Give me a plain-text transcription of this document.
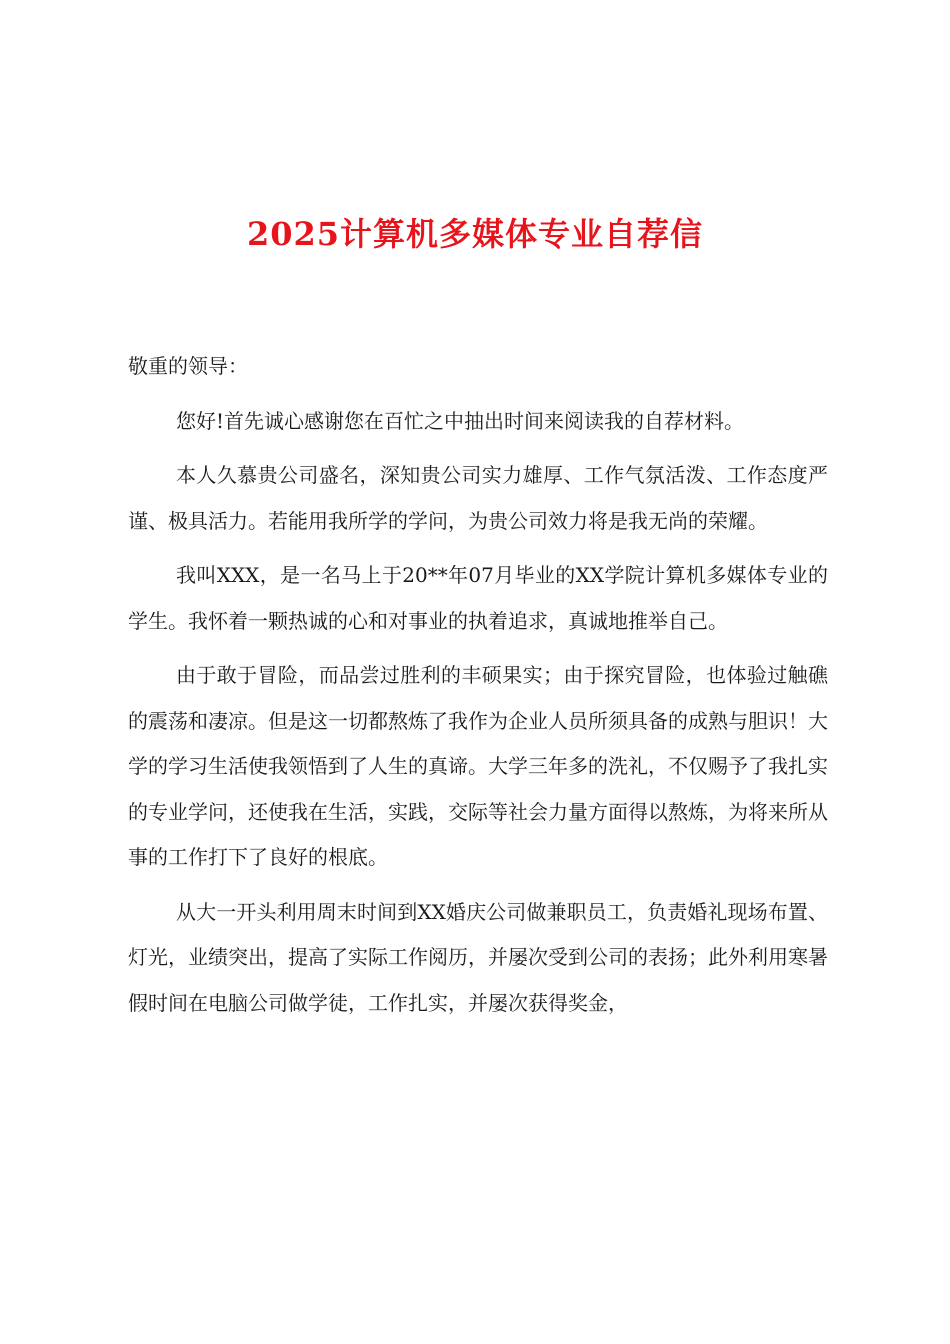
2025计算机多媒体专业自荐信

敬重的领导：

您好!首先诚心感谢您在百忙之中抽出时间来阅读我的自荐材料。

本人久慕贵公司盛名，深知贵公司实力雄厚、工作气氛活泼、工作态度严谨、极具活力。若能用我所学的学问，为贵公司效力将是我无尚的荣耀。

我叫XXX，是一名马上于20**年07月毕业的XX学院计算机多媒体专业的学生。我怀着一颗热诚的心和对事业的执着追求，真诚地推举自己。

由于敢于冒险，而品尝过胜利的丰硕果实；由于探究冒险，也体验过触礁的震荡和凄凉。但是这一切都熬炼了我作为企业人员所须具备的成熟与胆识！大学的学习生活使我领悟到了人生的真谛。大学三年多的洗礼，不仅赐予了我扎实的专业学问，还使我在生活，实践，交际等社会力量方面得以熬炼，为将来所从事的工作打下了良好的根底。

从大一开头利用周末时间到XX婚庆公司做兼职员工，负责婚礼现场布置、灯光，业绩突出，提高了实际工作阅历，并屡次受到公司的表扬；此外利用寒暑假时间在电脑公司做学徒，工作扎实，并屡次获得奖金，
